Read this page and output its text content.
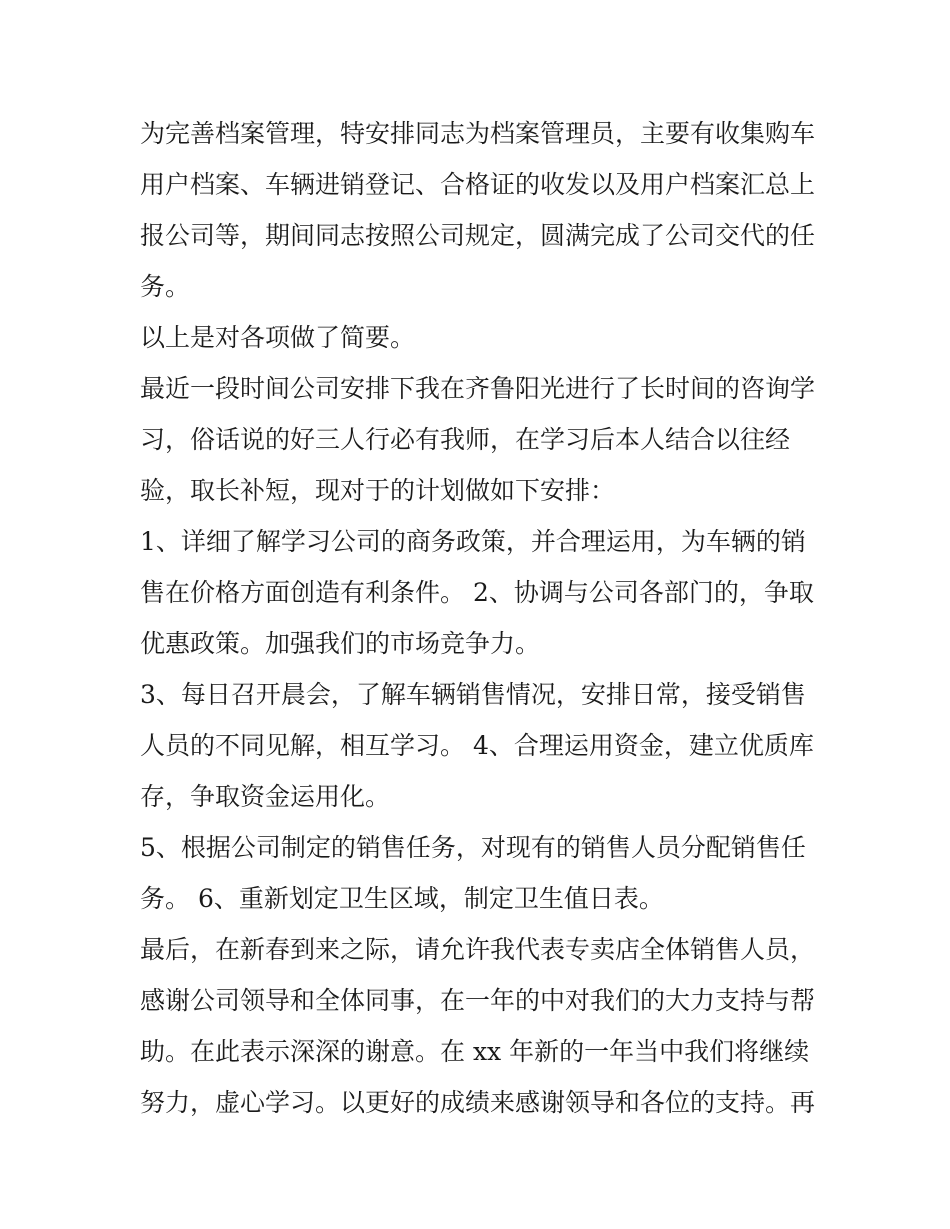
为完善档案管理，特安排同志为档案管理员，主要有收集购车
用户档案、车辆进销登记、合格证的收发以及用户档案汇总上
报公司等，期间同志按照公司规定，圆满完成了公司交代的任
务。
以上是对各项做了简要。
最近一段时间公司安排下我在齐鲁阳光进行了长时间的咨询学
习，俗话说的好三人行必有我师，在学习后本人结合以往经
验，取长补短，现对于的计划做如下安排：
1、详细了解学习公司的商务政策，并合理运用，为车辆的销
售在价格方面创造有利条件。 2、协调与公司各部门的，争取
优惠政策。加强我们的市场竞争力。
3、每日召开晨会，了解车辆销售情况，安排日常，接受销售
人员的不同见解，相互学习。 4、合理运用资金，建立优质库
存，争取资金运用化。
5、根据公司制定的销售任务，对现有的销售人员分配销售任
务。 6、重新划定卫生区域，制定卫生值日表。
最后，在新春到来之际，请允许我代表专卖店全体销售人员，
感谢公司领导和全体同事，在一年的中对我们的大力支持与帮
助。在此表示深深的谢意。在 xx 年新的一年当中我们将继续
努力，虚心学习。以更好的成绩来感谢领导和各位的支持。再
